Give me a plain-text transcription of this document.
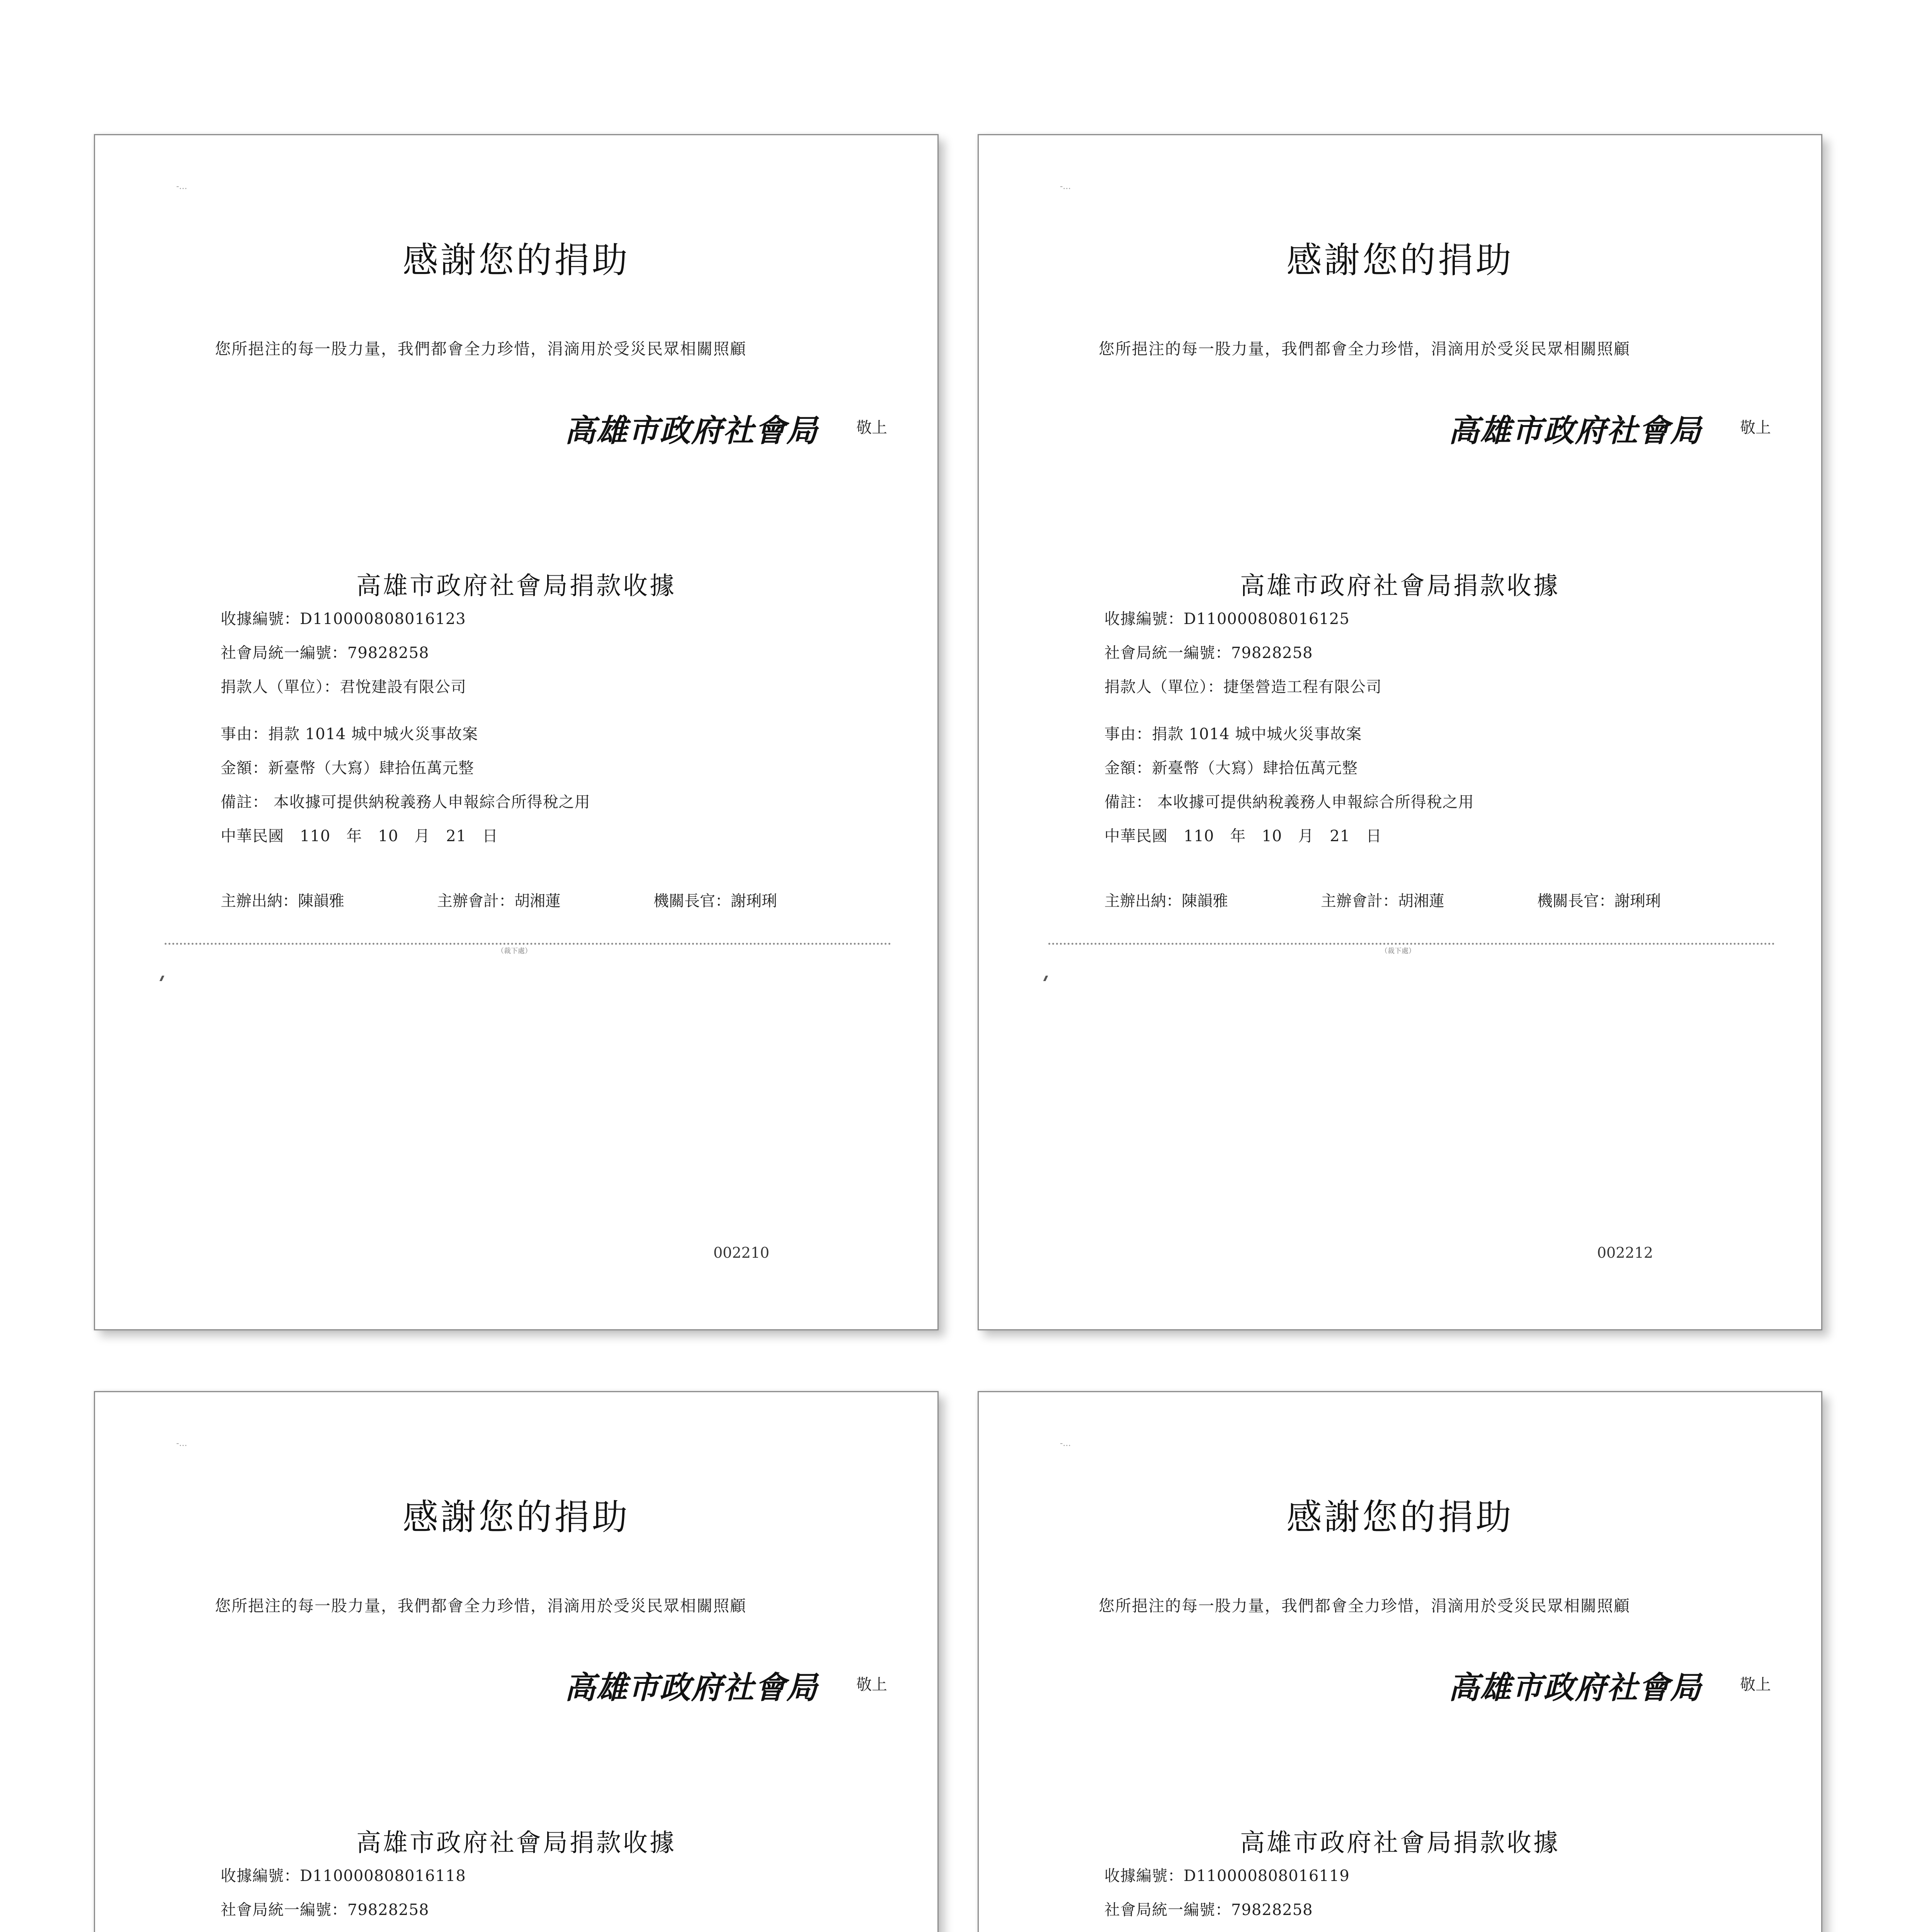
-...
感謝您的捐助
您所挹注的每一股力量，我們都會全力珍惜，涓滴用於受災民眾相關照顧
高雄市政府社會局 敬上
高雄市政府社會局捐款收據
收據編號：D110000808016123
社會局統一編號：79828258
捐款人（單位）：君悅建設有限公司
事由：捐款 1014 城中城火災事故案
金額：新臺幣（大寫）肆拾伍萬元整
備註： 本收據可提供納稅義務人申報綜合所得稅之用
中華民國　110　年　10　月　21　日
主辦出納：陳韻雅	主辦會計：胡湘蓮	機關長官：謝琍琍
（裁下處）
002210
-...
感謝您的捐助
您所挹注的每一股力量，我們都會全力珍惜，涓滴用於受災民眾相關照顧
高雄市政府社會局 敬上
高雄市政府社會局捐款收據
收據編號：D110000808016125
社會局統一編號：79828258
捐款人（單位）：捷堡營造工程有限公司
事由：捐款 1014 城中城火災事故案
金額：新臺幣（大寫）肆拾伍萬元整
備註： 本收據可提供納稅義務人申報綜合所得稅之用
中華民國　110　年　10　月　21　日
主辦出納：陳韻雅	主辦會計：胡湘蓮	機關長官：謝琍琍
（裁下處）
002212
-...
感謝您的捐助
您所挹注的每一股力量，我們都會全力珍惜，涓滴用於受災民眾相關照顧
高雄市政府社會局 敬上
高雄市政府社會局捐款收據
收據編號：D110000808016118
社會局統一編號：79828258
-...
感謝您的捐助
您所挹注的每一股力量，我們都會全力珍惜，涓滴用於受災民眾相關照顧
高雄市政府社會局 敬上
高雄市政府社會局捐款收據
收據編號：D110000808016119
社會局統一編號：79828258
